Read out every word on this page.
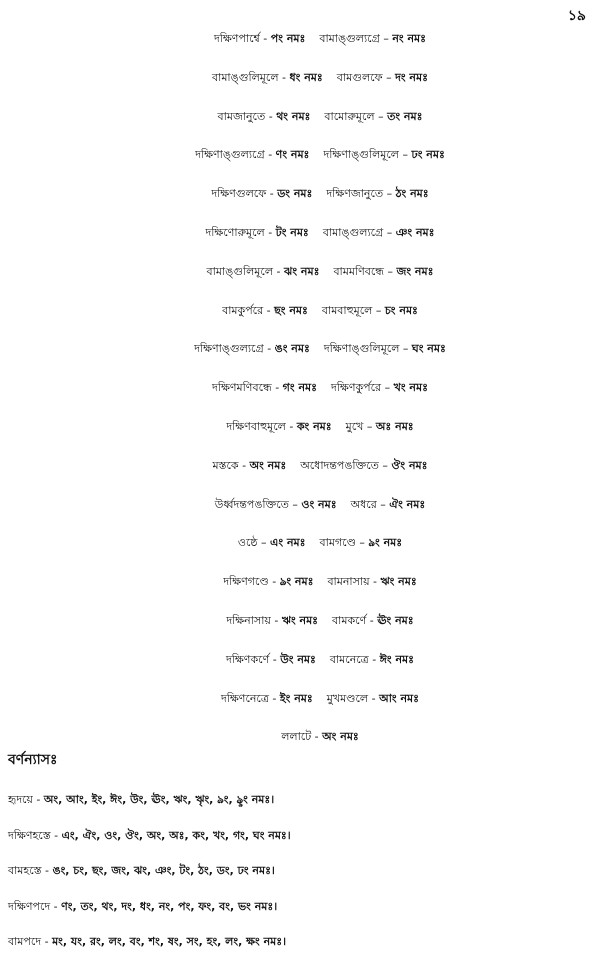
১৯
দক্ষিণপার্শ্বে - পং নমঃ বামাঙ্গুল্যগ্রে – নং নমঃ
বামাঙ্গুলিমূলে - ধং নমঃ বামগুলফে – দং নমঃ
বামজানুতে - থং নমঃ বামোরুমূলে – তং নমঃ
দক্ষিণাঙ্গুল্যগ্রে - ণং নমঃ দক্ষিণাঙ্গুলিমূলে – ঢং নমঃ
দক্ষিণগুলফে - ডং নমঃ দক্ষিণজানুতে – ঠং নমঃ
দক্ষিণোরুমূলে - টং নমঃ বামাঙ্গুল্যগ্রে – ঞং নমঃ
বামাঙ্গুলিমূলে - ঝং নমঃ বামমণিবন্ধে – জং নমঃ
বামকুর্পরে - ছং নমঃ বামবাহুমূলে – চং নমঃ
দক্ষিণাঙ্গুল্যগ্রে - ঙং নমঃ দক্ষিণাঙ্গুলিমূলে – ঘং নমঃ
দক্ষিণমণিবন্ধে - গং নমঃ দক্ষিণকুর্পরে – খং নমঃ
দক্ষিণবাহুমূলে - কং নমঃ মুখে – অঃ নমঃ
মস্তকে - অং নমঃ অধোদন্তপঙক্তিতে – ঔং নমঃ
উর্ধ্বদন্তপঙক্তিতে – ওং নমঃ অধরে – ঐং নমঃ
ওষ্ঠে – এং নমঃ বামগণ্ডে – ঌং নমঃ
দক্ষিণগণ্ডে - ঌং নমঃ বামনাসায় - ঋং নমঃ
দক্ষিনাসায় - ঋং নমঃ বামকর্ণে - ঊং নমঃ
দক্ষিণকর্ণে - উং নমঃ বামনেত্রে - ঈং নমঃ
দক্ষিণনেত্রে - ইং নমঃ মুখমণ্ডলে - আং নমঃ
ললাটে - অং নমঃ
বর্ণন্যাসঃ
হৃদয়ে - অং, আং, ইং, ঈং, উং, ঊং, ঋং, ৠং, ঌং, ৡং নমঃ।
দক্ষিণহস্তে - এং, ঐং, ওং, ঔং, অং, অঃ, কং, খং, গং, ঘং নমঃ।
বামহস্তে - ঙং, চং, ছং, জং, ঝং, ঞং, টং, ঠং, ডং, ঢং নমঃ।
দক্ষিণপদে - ণং, তং, থং, দং, ধং, নং, পং, ফং, বং, ভং নমঃ।
বামপদে - মং, যং, রং, লং, বং, শং, ষং, সং, হং, লং, ক্ষং নমঃ।
